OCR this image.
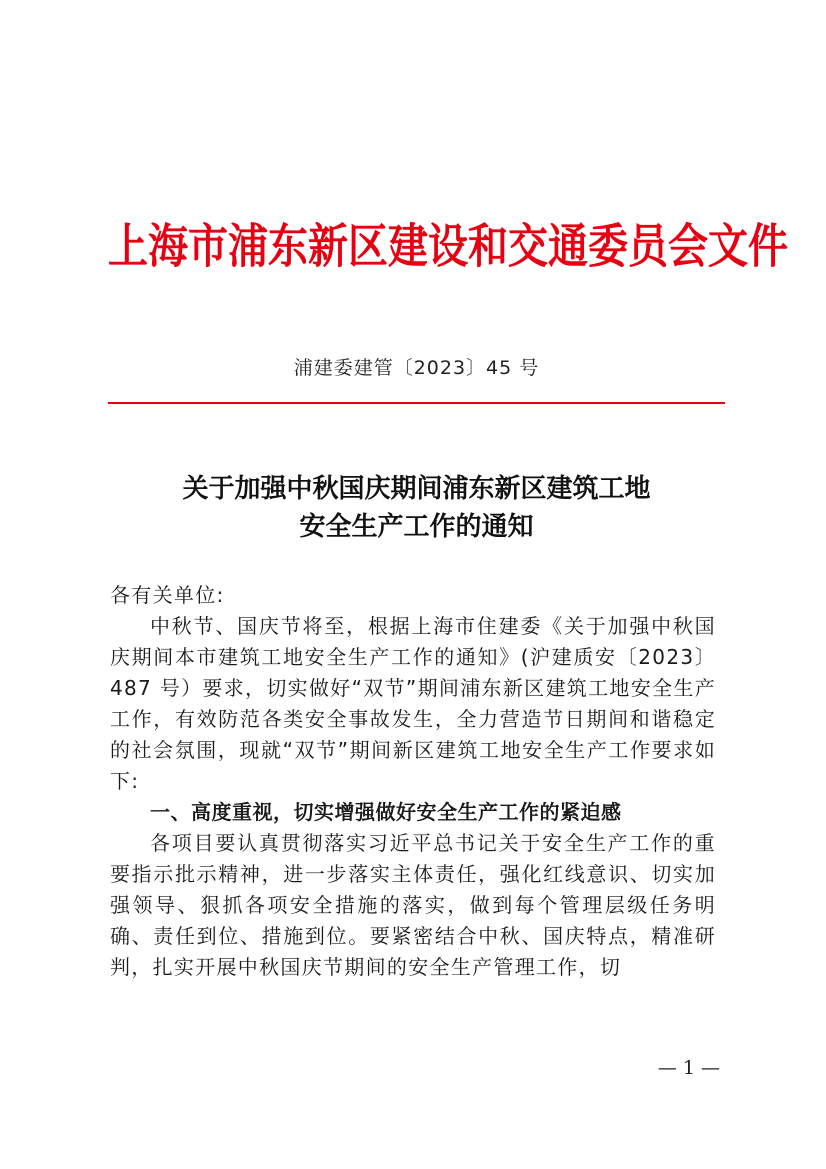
上海市浦东新区建设和交通委员会文件
浦建委建管〔2023〕45 号
关于加强中秋国庆期间浦东新区建筑工地
安全生产工作的通知

各有关单位:

中秋节、国庆节将至，根据上海市住建委《关于加强中秋国庆期间本市建筑工地安全生产工作的通知》(沪建质安〔2023〕487 号）要求，切实做好“双节”期间浦东新区建筑工地安全生产工作，有效防范各类安全事故发生，全力营造节日期间和谐稳定的社会氛围，现就“双节”期间新区建筑工地安全生产工作要求如下:

一、高度重视，切实增强做好安全生产工作的紧迫感

各项目要认真贯彻落实习近平总书记关于安全生产工作的重要指示批示精神，进一步落实主体责任，强化红线意识、切实加强领导、狠抓各项安全措施的落实，做到每个管理层级任务明确、责任到位、措施到位。要紧密结合中秋、国庆特点，精准研判，扎实开展中秋国庆节期间的安全生产管理工作，切

— 1 —
